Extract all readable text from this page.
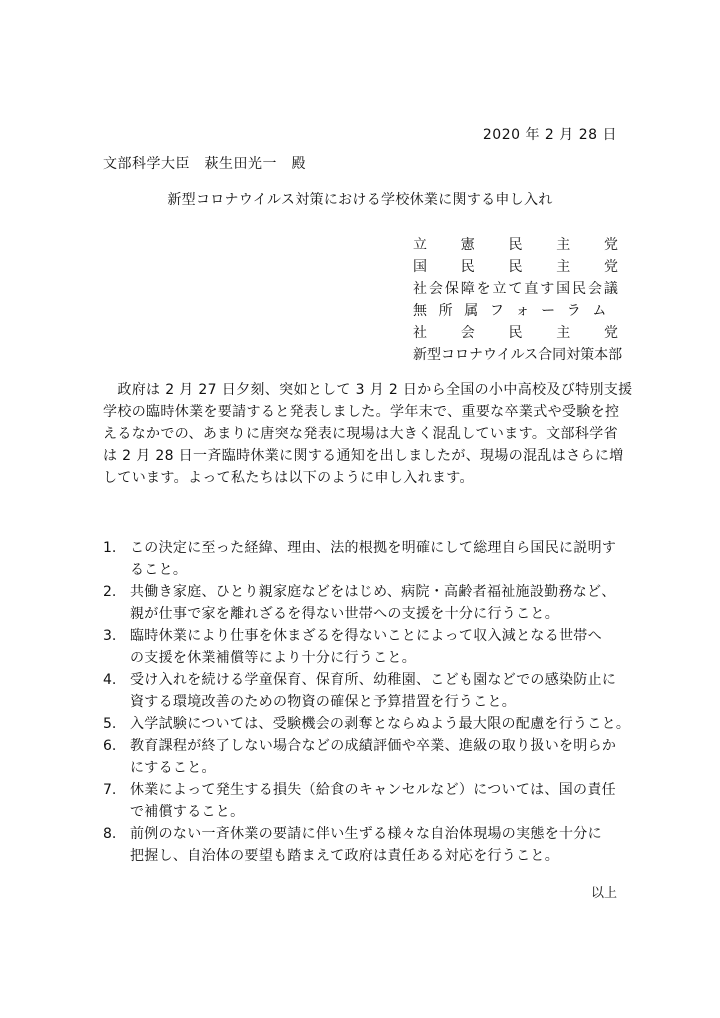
2020 年 2 月 28 日
文部科学大臣　萩生田光一　殿
新型コロナウイルス対策における学校休業に関する申し入れ
立 憲 民 主 党
国 民 民 主 党
社 会 保 障 を 立 て 直 す 国 民 会 議
無 所 属 フ ォ ー ラ ム
社 会 民 主 党
新型コロナウイルス合同対策本部

　政府は 2 月 27 日夕刻、突如として 3 月 2 日から全国の小中高校及び特別支援

学校の臨時休業を要請すると発表しました。学年末で、重要な卒業式や受験を控

えるなかでの、あまりに唐突な発表に現場は大きく混乱しています。文部科学省

は 2 月 28 日一斉臨時休業に関する通知を出しましたが、現場の混乱はさらに増

しています。よって私たちは以下のように申し入れます。

1. この決定に至った経緯、理由、法的根拠を明確にして総理自ら国民に説明す
ること。
2. 共働き家庭、ひとり親家庭などをはじめ、病院・高齢者福祉施設勤務など、
親が仕事で家を離れざるを得ない世帯への支援を十分に行うこと。
3. 臨時休業により仕事を休まざるを得ないことによって収入減となる世帯へ
の支援を休業補償等により十分に行うこと。
4. 受け入れを続ける学童保育、保育所、幼稚園、こども園などでの感染防止に
資する環境改善のための物資の確保と予算措置を行うこと。
5. 入学試験については、受験機会の剥奪とならぬよう最大限の配慮を行うこと。
6. 教育課程が終了しない場合などの成績評価や卒業、進級の取り扱いを明らか
にすること。
7. 休業によって発生する損失（給食のキャンセルなど）については、国の責任
で補償すること。
8. 前例のない一斉休業の要請に伴い生ずる様々な自治体現場の実態を十分に
把握し、自治体の要望も踏まえて政府は責任ある対応を行うこと。
以上
